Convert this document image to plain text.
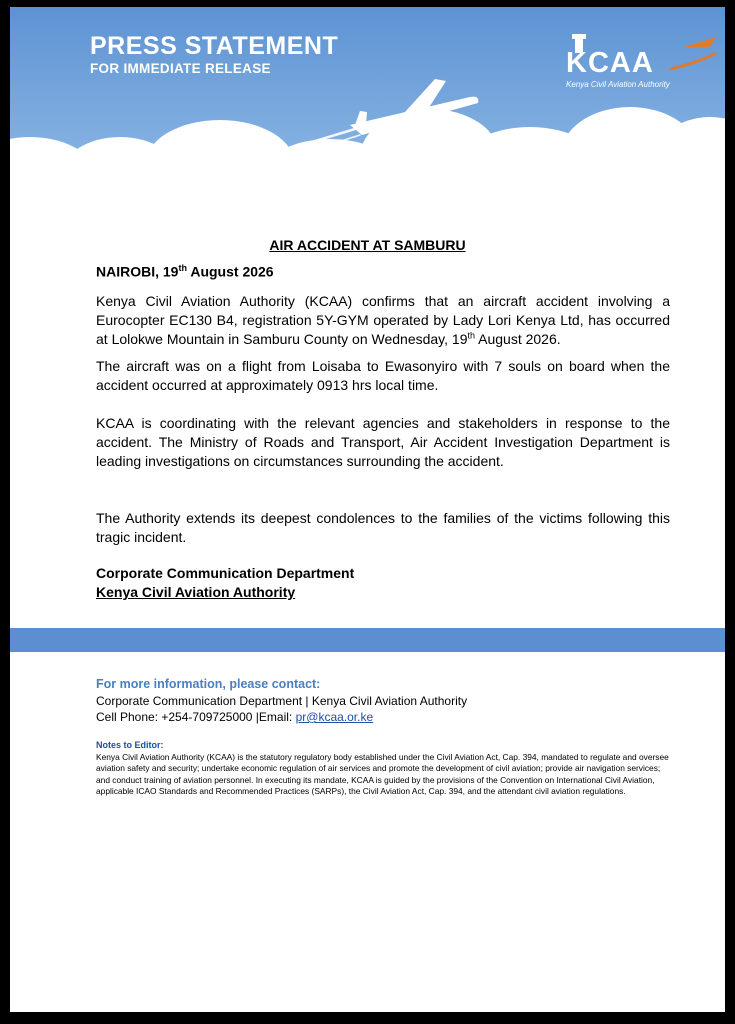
PRESS STATEMENT
FOR IMMEDIATE RELEASE	KCAA
Kenya Civil Aviation Authority
AIR ACCIDENT AT SAMBURU
NAIROBI, 19th August 2026
Kenya Civil Aviation Authority (KCAA) confirms that an aircraft accident involving a Eurocopter EC130 B4, registration 5Y-GYM operated by Lady Lori Kenya Ltd, has occurred at Lolokwe Mountain in Samburu County on Wednesday, 19th August 2026.
The aircraft was on a flight from Loisaba to Ewasonyiro with 7 souls on board when the accident occurred at approximately 0913 hrs local time.
KCAA is coordinating with the relevant agencies and stakeholders in response to the accident. The Ministry of Roads and Transport, Air Accident Investigation Department is leading investigations on circumstances surrounding the accident.
The Authority extends its deepest condolences to the families of the victims following this tragic incident.
Corporate Communication Department
Kenya Civil Aviation Authority
For more information, please contact:
Corporate Communication Department | Kenya Civil Aviation Authority
Cell Phone: +254-709725000 |Email: pr@kcaa.or.ke
Notes to Editor:
Kenya Civil Aviation Authority (KCAA) is the statutory regulatory body established under the Civil Aviation Act, Cap. 394, mandated to regulate and oversee aviation safety and security; undertake economic regulation of air services and promote the development of civil aviation; provide air navigation services; and conduct training of aviation personnel. In executing its mandate, KCAA is guided by the provisions of the Convention on International Civil Aviation, applicable ICAO Standards and Recommended Practices (SARPs), the Civil Aviation Act, Cap. 394, and the attendant civil aviation regulations.
